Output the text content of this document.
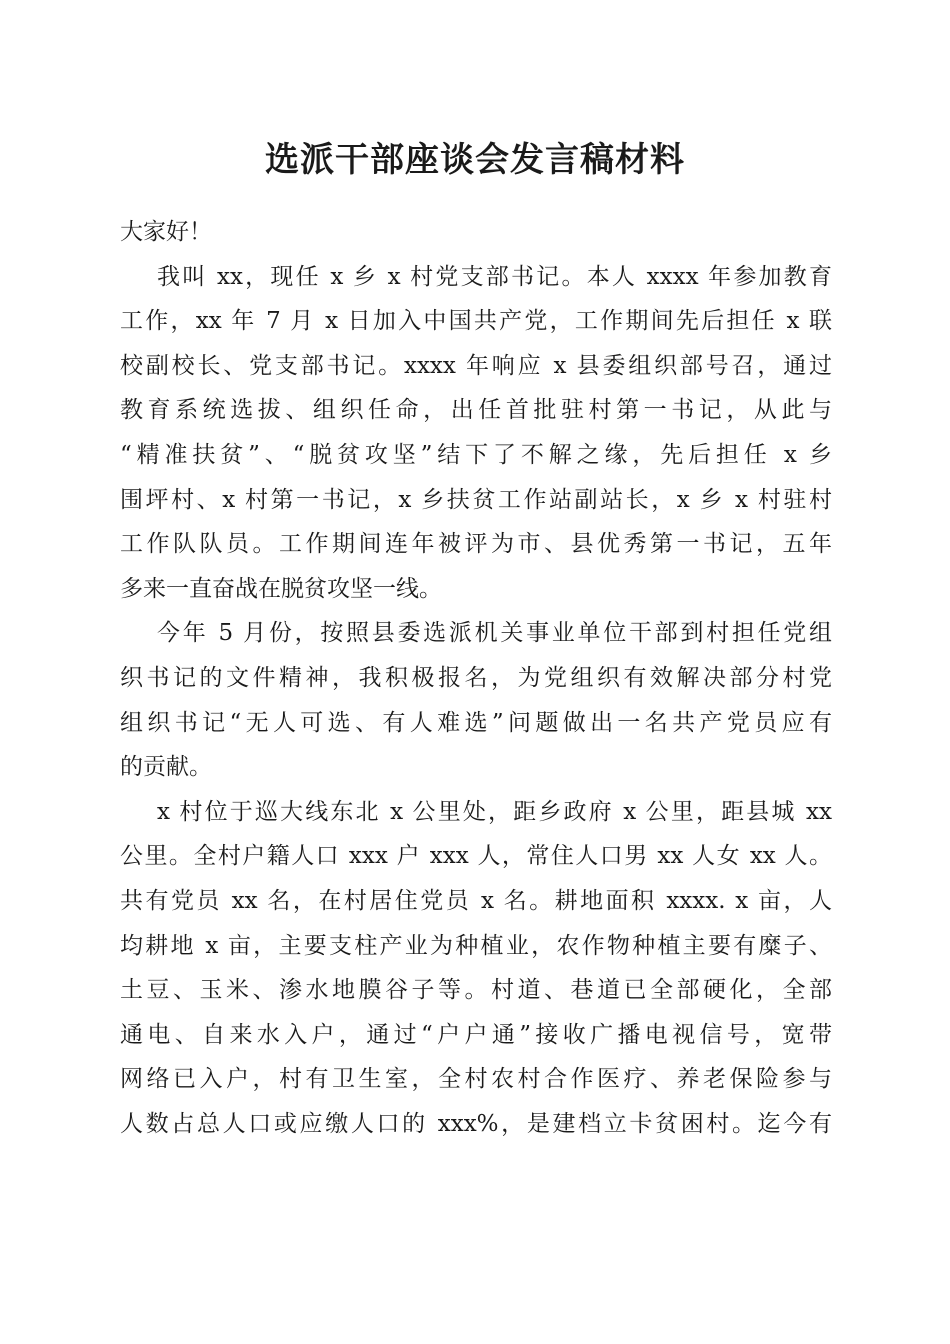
选派干部座谈会发言稿材料
大家好！
我叫 xx，现任 x 乡 x 村党支部书记。本人 xxxx 年参加教育
工作，xx 年 7 月 x 日加入中国共产党，工作期间先后担任 x 联
校副校长、党支部书记。xxxx 年响应 x 县委组织部号召，通过
教育系统选拔、组织任命，出任首批驻村第一书记，从此与
“精准扶贫”、“脱贫攻坚”结下了不解之缘，先后担任 x 乡
围坪村、x 村第一书记，x 乡扶贫工作站副站长，x 乡 x 村驻村
工作队队员。工作期间连年被评为市、县优秀第一书记，五年
多来一直奋战在脱贫攻坚一线。
今年 5 月份，按照县委选派机关事业单位干部到村担任党组
织书记的文件精神，我积极报名，为党组织有效解决部分村党
组织书记“无人可选、有人难选”问题做出一名共产党员应有
的贡献。
x 村位于巡大线东北 x 公里处，距乡政府 x 公里，距县城 xx
公里。全村户籍人口 xxx 户 xxx 人，常住人口男 xx 人女 xx 人。
共有党员 xx 名，在村居住党员 x 名。耕地面积 xxxx. x 亩，人
均耕地 x 亩，主要支柱产业为种植业，农作物种植主要有糜子、
土豆、玉米、渗水地膜谷子等。村道、巷道已全部硬化，全部
通电、自来水入户，通过“户户通”接收广播电视信号，宽带
网络已入户，村有卫生室，全村农村合作医疗、养老保险参与
人数占总人口或应缴人口的 xxx%，是建档立卡贫困村。迄今有
